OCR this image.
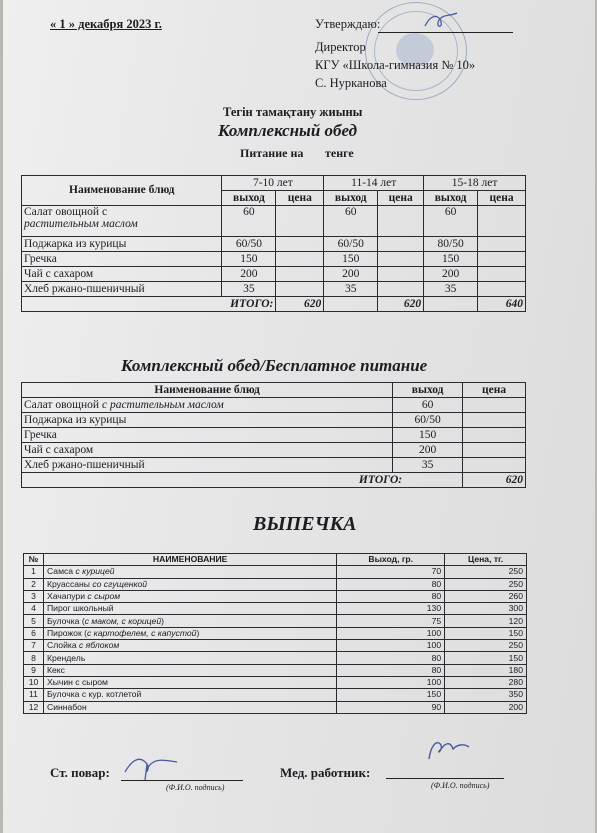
« 1 » декабря 2023 г.	Утверждаю:
Директор
КГУ «Школа-гимназия № 10»
С. Нурканова
Тегін тамақтану жиыны
Комплексный обед
Питание на тенге
Наименование блюд	7-10 лет		11-14 лет		15-18 лет	
	выход	цена	выход	цена	выход	цена
Салат овощной с
растительным маслом	60		60		60	
Поджарка из курицы	60/50		60/50		80/50	
Гречка	150		150		150	
Чай с сахаром	200		200		200	
Хлеб ржано-пшеничный	35		35		35	
ИТОГО:		620		620		640
Комплексный обед/Бесплатное питание
Наименование блюд	выход	цена
Салат овощной с растительным маслом	60	
Поджарка из курицы	60/50	
Гречка	150	
Чай с сахаром	200	
Хлеб ржано-пшеничный	35	
ИТОГО:		620
ВЫПЕЧКА
№	НАИМЕНОВАНИЕ	Выход, гр.	Цена, тг.
1	Самса с курицей	70	250
2	Круассаны со сгущенкой	80	250
3	Хачапури с сыром	80	260
4	Пирог школьный	130	300
5	Булочка (с маком, с корицей)	75	120
6	Пирожок (с картофелем, с капустой)	100	150
7	Слойка с яблоком	100	250
8	Крендель	80	150
9	Кекс	80	180
10	Хычин с сыром	100	280
11	Булочка с кур. котлетой	150	350
12	Синнабон	90	200
Ст. повар:
(Ф.И.О. подпись)
Мед. работник:
(Ф.И.О. подпись)
